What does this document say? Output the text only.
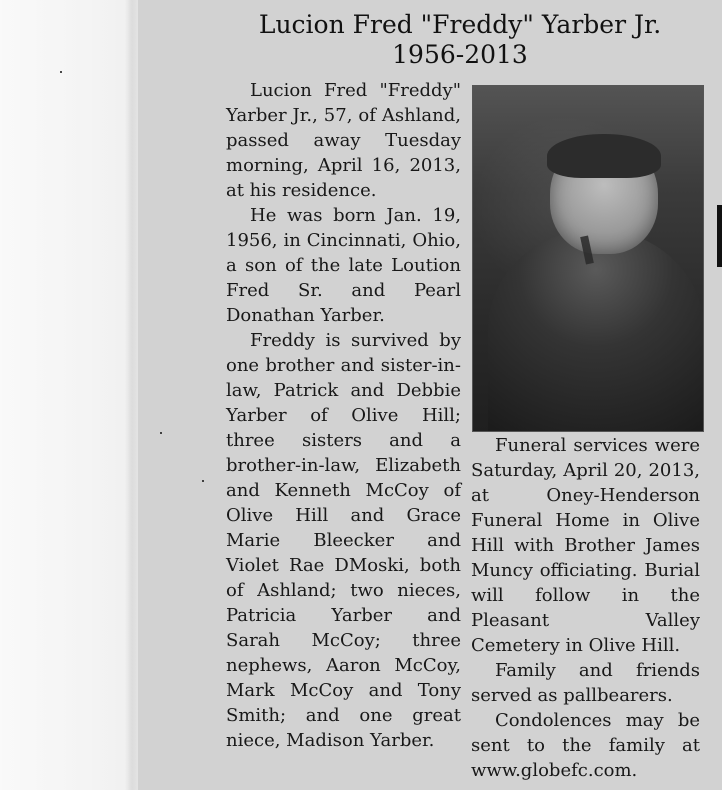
Lucion Fred "Freddy" Yarber Jr.
1956-2013

Lucion Fred "Freddy" Yarber Jr., 57, of Ashland, passed away Tuesday morning, April 16, 2013, at his residence.

He was born Jan. 19, 1956, in Cincinnati, Ohio, a son of the late Loution Fred Sr. and Pearl Donathan Yarber.

Freddy is survived by one brother and sister-in-law, Patrick and Debbie Yarber of Olive Hill; three sisters and a brother-in-law, Elizabeth and Kenneth McCoy of Olive Hill and Grace Marie Bleecker and Violet Rae DMoski, both of Ashland; two nieces, Patricia Yarber and Sarah McCoy; three nephews, Aaron McCoy, Mark McCoy and Tony Smith; and one great niece, Madison Yarber.

Funeral services were Saturday, April 20, 2013, at Oney-Henderson Funeral Home in Olive Hill with Brother James Muncy officiating. Burial will follow in the Pleasant Valley Cemetery in Olive Hill.

Family and friends served as pallbearers.

Condolences may be sent to the family at www.globefc.com.
